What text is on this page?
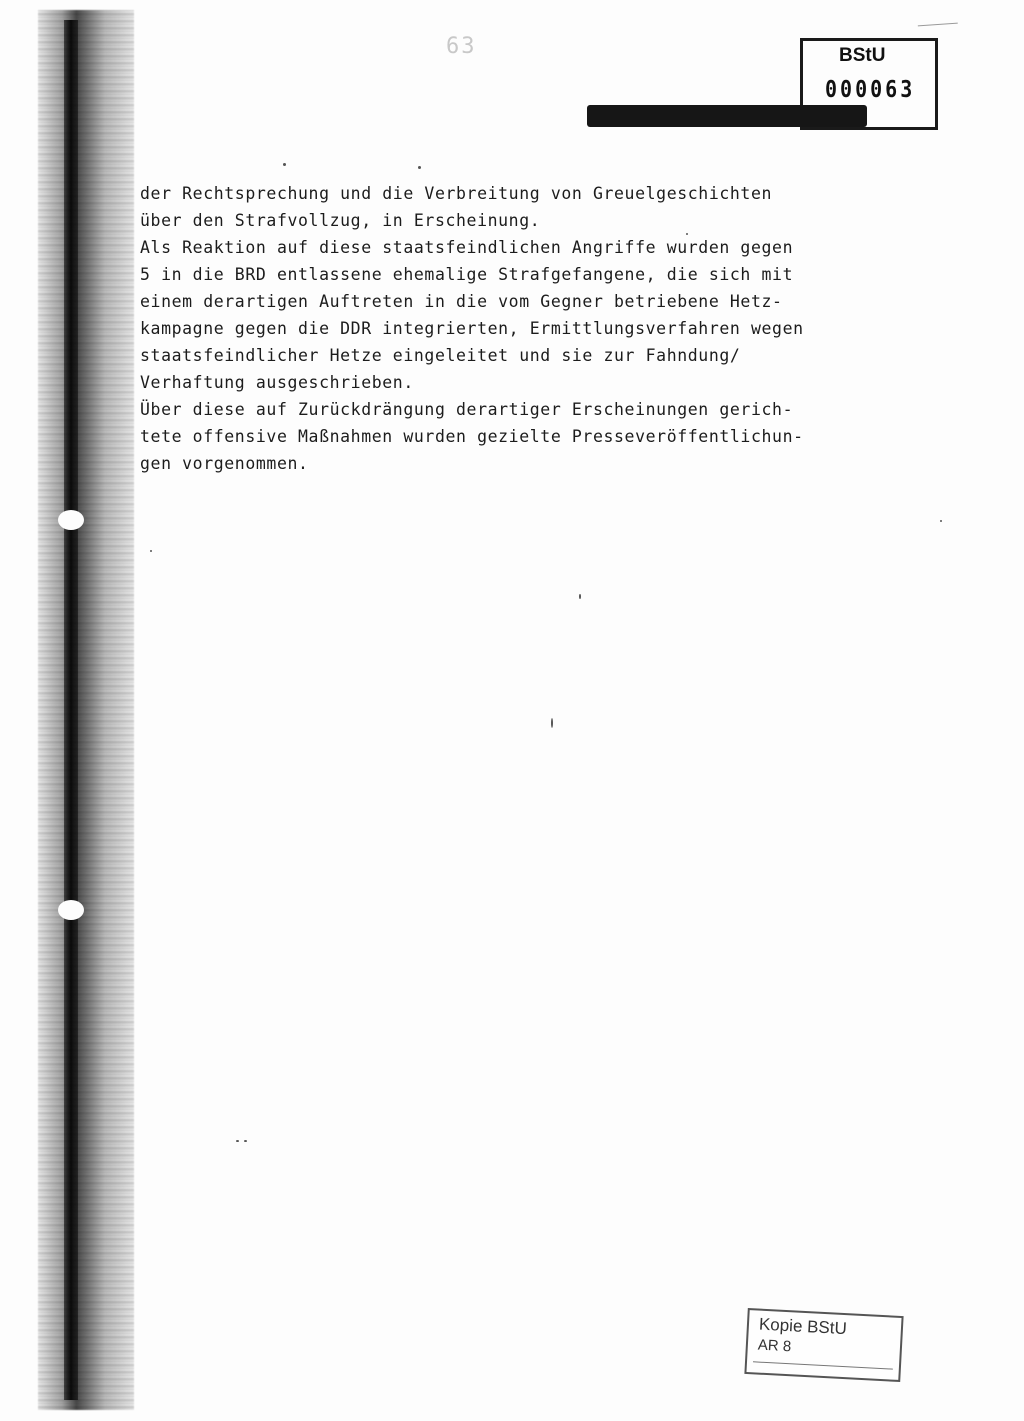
63	BStU
000063
der Rechtsprechung und die Verbreitung von Greuelgeschichten
über den Strafvollzug, in Erscheinung.
Als Reaktion auf diese staatsfeindlichen Angriffe wurden gegen
5 in die BRD entlassene ehemalige Strafgefangene, die sich mit
einem derartigen Auftreten in die vom Gegner betriebene Hetz-
kampagne gegen die DDR integrierten, Ermittlungsverfahren wegen
staatsfeindlicher Hetze eingeleitet und sie zur Fahndung/
Verhaftung ausgeschrieben.
Über diese auf Zurückdrängung derartiger Erscheinungen gerich-
tete offensive Maßnahmen wurden gezielte Presseveröffentlichun-
gen vorgenommen.
Kopie BStU
AR 8
